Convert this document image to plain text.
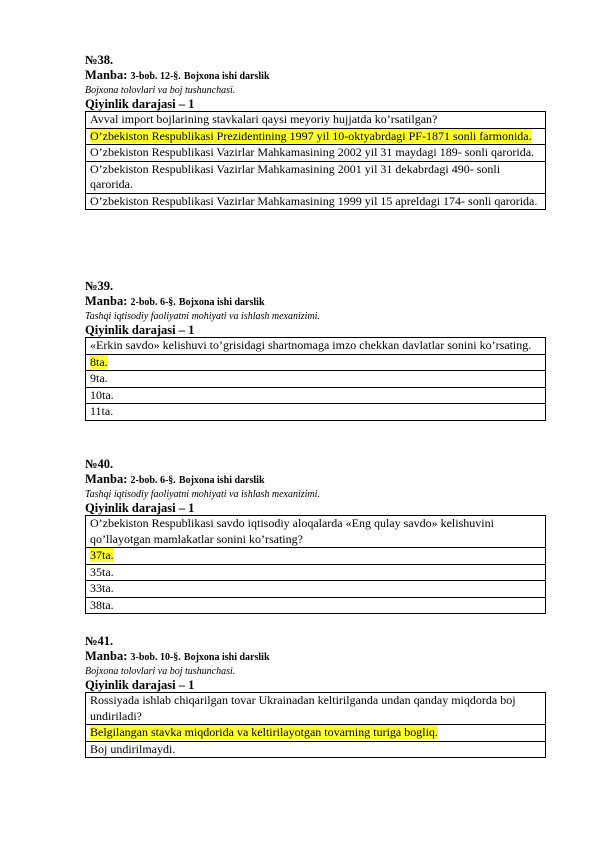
№38.
Manba: 3-bob. 12-§. Bojxona ishi darslik
Bojxona tolovlari va boj tushunchasi.
Qiyinlik darajasi – 1
Avval import bojlarining stavkalari qaysi meyoriy hujjatda ko’rsatilgan?
O’zbekiston Respublikasi Prezidentining 1997 yil 10-oktyabrdagi PF-1871 sonli farmonida.
O’zbekiston Respublikasi Vazirlar Mahkamasining 2002 yil 31 maydagi 189- sonli qarorida.
O’zbekiston Respublikasi Vazirlar Mahkamasining 2001 yil 31 dekabrdagi 490- sonli qarorida.
O’zbekiston Respublikasi Vazirlar Mahkamasining 1999 yil 15 apreldagi 174- sonli qarorida.
№39.
Manba: 2-bob. 6-§. Bojxona ishi darslik
Tashqi iqtisodiy faoliyatni mohiyati va ishlash mexanizimi.
Qiyinlik darajasi – 1
«Erkin savdo» kelishuvi to’grisidagi shartnomaga imzo chekkan davlatlar sonini ko’rsating.
8ta.
9ta.
10ta.
11ta.
№40.
Manba: 2-bob. 6-§. Bojxona ishi darslik
Tashqi iqtisodiy faoliyatni mohiyati va ishlash mexanizimi.
Qiyinlik darajasi – 1
O’zbekiston Respublikasi savdo iqtisodiy aloqalarda «Eng qulay savdo» kelishuvini qo’llayotgan mamlakatlar sonini ko’rsating?
37ta.
35ta.
33ta.
38ta.
№41.
Manba: 3-bob. 10-§. Bojxona ishi darslik
Bojxona tolovlari va boj tushunchasi.
Qiyinlik darajasi – 1
Rossiyada ishlab chiqarilgan tovar Ukrainadan keltirilganda undan qanday miqdorda boj undiriladi?
Belgilangan stavka miqdorida va keltirilayotgan tovarning turiga bogliq.
Boj undirilmaydi.
